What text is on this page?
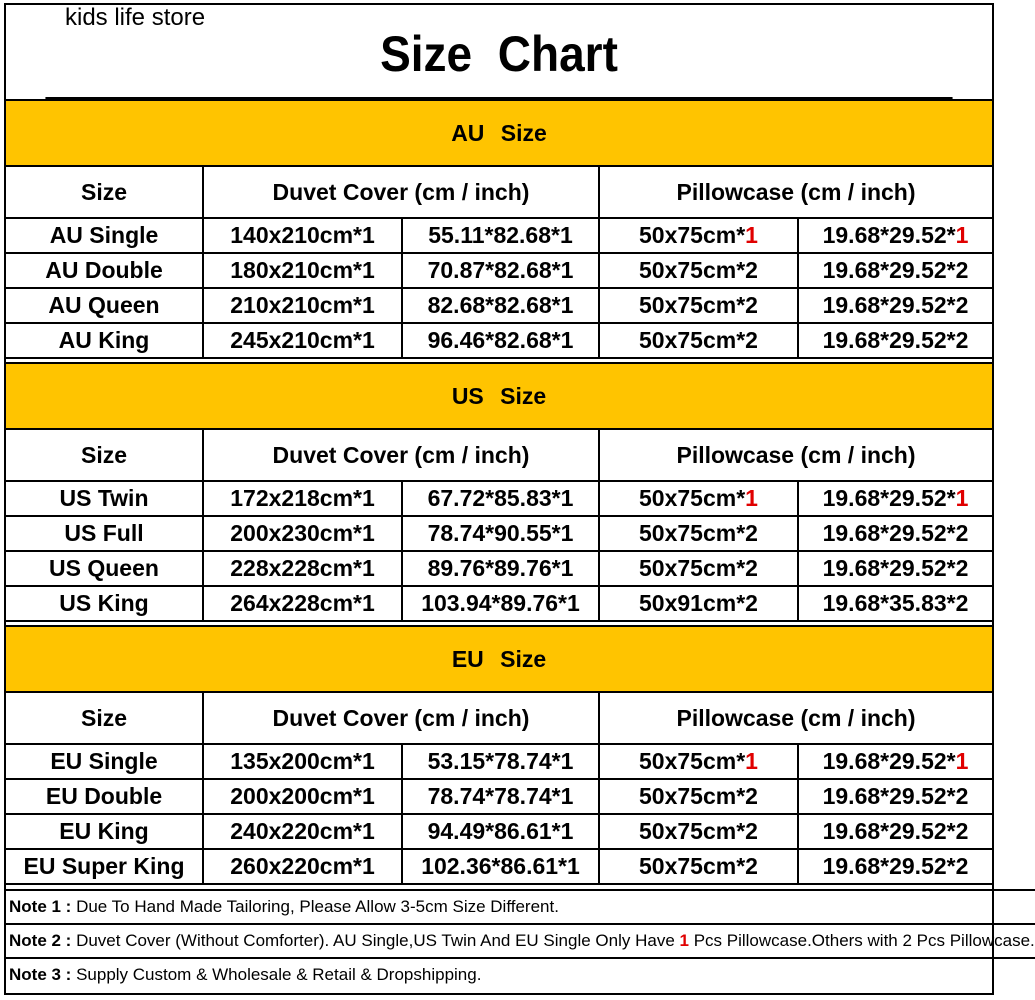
kids life store
Size Chart
AU Size				
Size	Duvet Cover (cm / inch)		Pillowcase (cm / inch)	
AU Single	140x210cm*1	55.11*82.68*1	50x75cm*1	19.68*29.52*1
AU Double	180x210cm*1	70.87*82.68*1	50x75cm*2	19.68*29.52*2
AU Queen	210x210cm*1	82.68*82.68*1	50x75cm*2	19.68*29.52*2
AU King	245x210cm*1	96.46*82.68*1	50x75cm*2	19.68*29.52*2
US Size				
Size	Duvet Cover (cm / inch)		Pillowcase (cm / inch)	
US Twin	172x218cm*1	67.72*85.83*1	50x75cm*1	19.68*29.52*1
US Full	200x230cm*1	78.74*90.55*1	50x75cm*2	19.68*29.52*2
US Queen	228x228cm*1	89.76*89.76*1	50x75cm*2	19.68*29.52*2
US King	264x228cm*1	103.94*89.76*1	50x91cm*2	19.68*35.83*2
EU Size				
Size	Duvet Cover (cm / inch)		Pillowcase (cm / inch)	
EU Single	135x200cm*1	53.15*78.74*1	50x75cm*1	19.68*29.52*1
EU Double	200x200cm*1	78.74*78.74*1	50x75cm*2	19.68*29.52*2
EU King	240x220cm*1	94.49*86.61*1	50x75cm*2	19.68*29.52*2
EU Super King	260x220cm*1	102.36*86.61*1	50x75cm*2	19.68*29.52*2
Note 1 : Due To Hand Made Tailoring, Please Allow 3-5cm Size Different.
Note 2 : Duvet Cover (Without Comforter). AU Single,US Twin And EU Single Only Have 1 Pcs Pillowcase.Others with 2 Pcs Pillowcase.
Note 3 : Supply Custom & Wholesale & Retail & Dropshipping.
